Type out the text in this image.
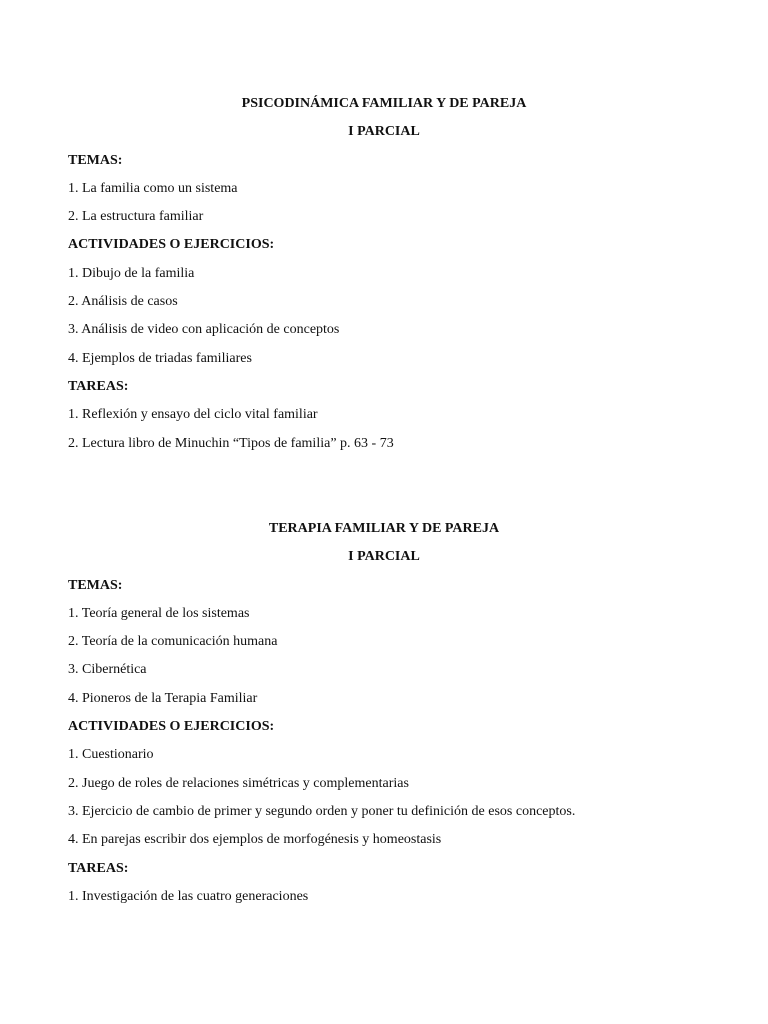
PSICODINÁMICA FAMILIAR Y DE PAREJA
I PARCIAL
TEMAS:
1. La familia como un sistema
2. La estructura familiar
ACTIVIDADES O EJERCICIOS:
1. Dibujo de la familia
2. Análisis de casos
3. Análisis de video con aplicación de conceptos
4. Ejemplos de triadas familiares
TAREAS:
1. Reflexión y ensayo del ciclo vital familiar
2. Lectura libro de Minuchin “Tipos de familia” p. 63 - 73
TERAPIA FAMILIAR Y DE PAREJA
I PARCIAL
TEMAS:
1. Teoría general de los sistemas
2. Teoría de la comunicación humana
3. Cibernética
4. Pioneros de la Terapia Familiar
ACTIVIDADES O EJERCICIOS:
1. Cuestionario
2. Juego de roles de relaciones simétricas y complementarias
3. Ejercicio de cambio de primer y segundo orden y poner tu definición de esos conceptos.
4. En parejas escribir dos ejemplos de morfogénesis y homeostasis
TAREAS:
1. Investigación de las cuatro generaciones
